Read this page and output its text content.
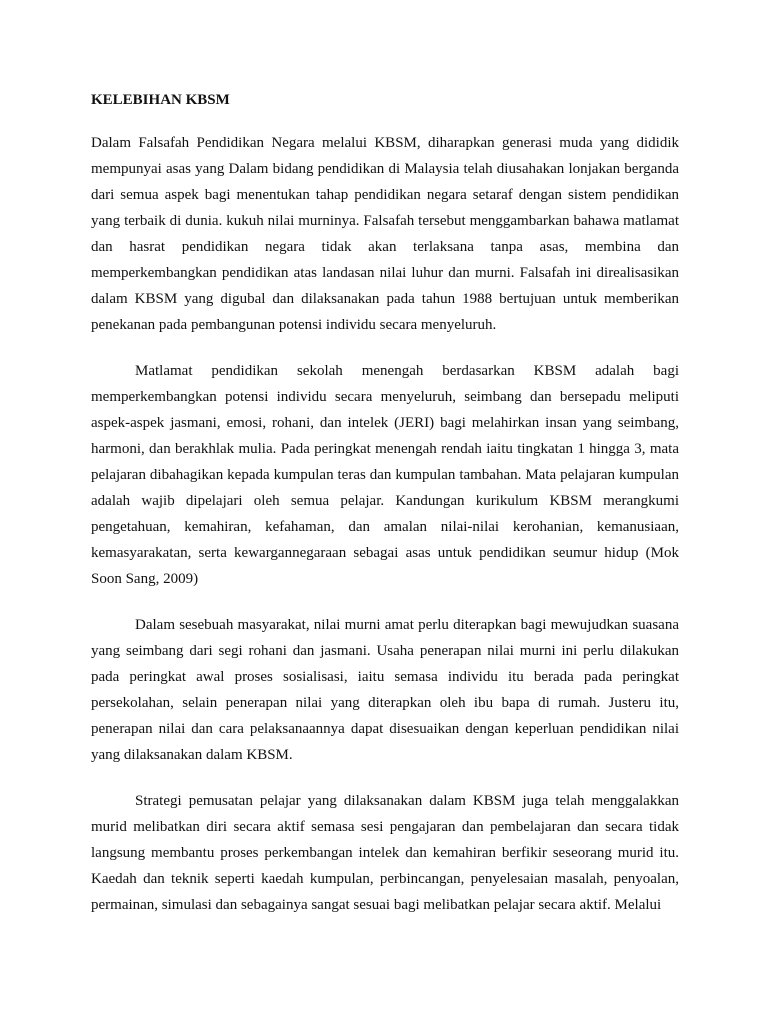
KELEBIHAN KBSM

Dalam Falsafah Pendidikan Negara melalui KBSM, diharapkan generasi muda yang dididik mempunyai asas yang Dalam bidang pendidikan di Malaysia telah diusahakan lonjakan berganda dari semua aspek bagi menentukan tahap pendidikan negara setaraf dengan sistem pendidikan yang terbaik di dunia. kukuh nilai murninya. Falsafah tersebut menggambarkan bahawa matlamat dan hasrat pendidikan negara tidak akan terlaksana tanpa asas, membina dan memperkembangkan pendidikan atas landasan nilai luhur dan murni. Falsafah ini direalisasikan dalam KBSM yang digubal dan dilaksanakan pada tahun 1988 bertujuan untuk memberikan penekanan pada pembangunan potensi individu secara menyeluruh.

Matlamat pendidikan sekolah menengah berdasarkan KBSM adalah bagi memperkembangkan potensi individu secara menyeluruh, seimbang dan bersepadu meliputi aspek-aspek jasmani, emosi, rohani, dan intelek (JERI) bagi melahirkan insan yang seimbang, harmoni, dan berakhlak mulia. Pada peringkat menengah rendah iaitu tingkatan 1 hingga 3, mata pelajaran dibahagikan kepada kumpulan teras dan kumpulan tambahan. Mata pelajaran kumpulan adalah wajib dipelajari oleh semua pelajar. Kandungan kurikulum KBSM merangkumi pengetahuan, kemahiran, kefahaman, dan amalan nilai-nilai kerohanian, kemanusiaan, kemasyarakatan, serta kewargannegaraan sebagai asas untuk pendidikan seumur hidup (Mok Soon Sang, 2009)

Dalam sesebuah masyarakat, nilai murni amat perlu diterapkan bagi mewujudkan suasana yang seimbang dari segi rohani dan jasmani. Usaha penerapan nilai murni ini perlu dilakukan pada peringkat awal proses sosialisasi, iaitu semasa individu itu berada pada peringkat persekolahan, selain penerapan nilai yang diterapkan oleh ibu bapa di rumah. Justeru itu, penerapan nilai dan cara pelaksanaannya dapat disesuaikan dengan keperluan pendidikan nilai yang dilaksanakan dalam KBSM.

Strategi pemusatan pelajar yang dilaksanakan dalam KBSM juga telah menggalakkan murid melibatkan diri secara aktif semasa sesi pengajaran dan pembelajaran dan secara tidak langsung membantu proses perkembangan intelek dan kemahiran berfikir seseorang murid itu. Kaedah dan teknik seperti kaedah kumpulan, perbincangan, penyelesaian masalah, penyoalan, permainan, simulasi dan sebagainya sangat sesuai bagi melibatkan pelajar secara aktif. Melalui
